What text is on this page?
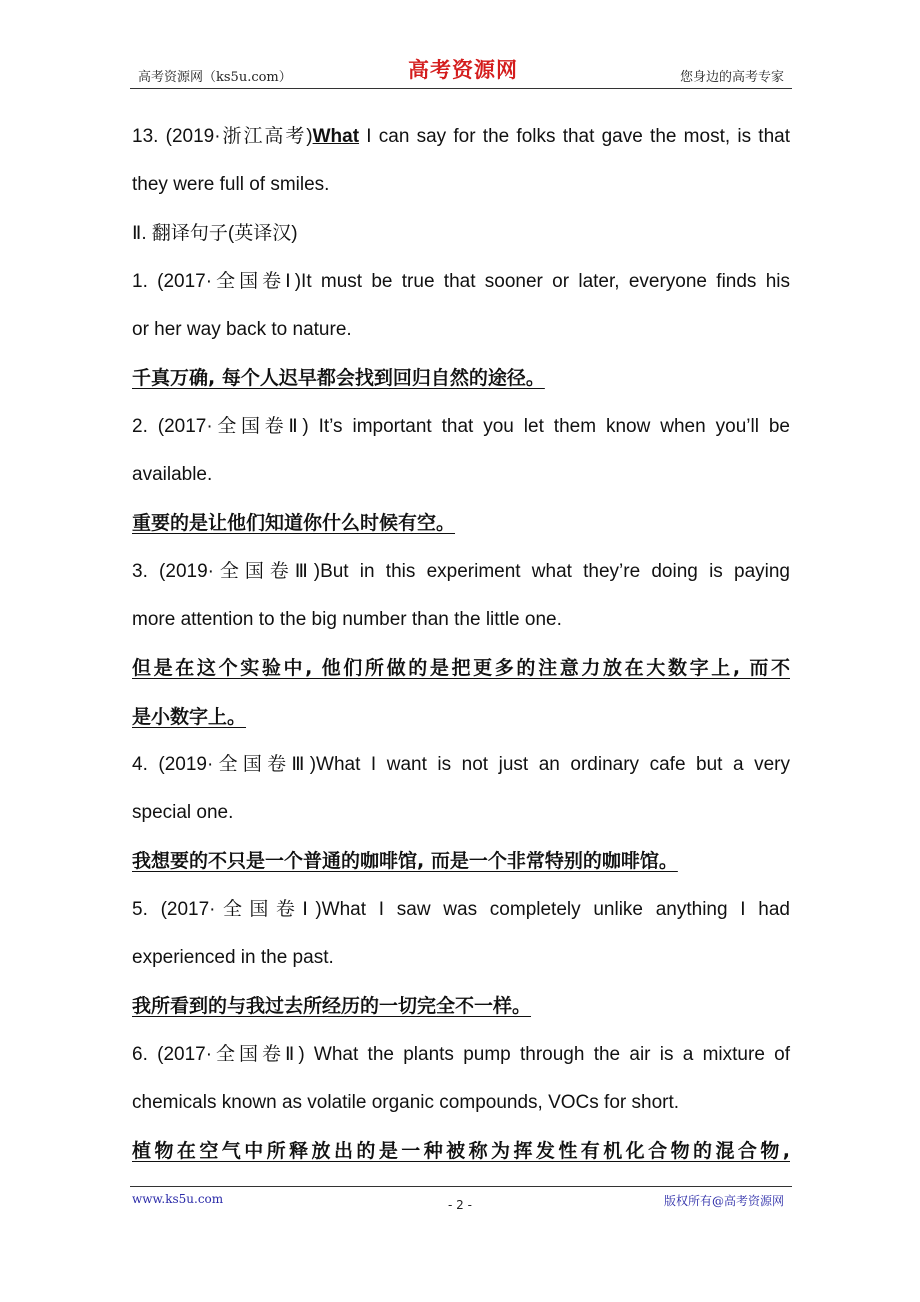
高考资源网（ks5u.com）	高考资源网	您身边的高考专家
13. (2019·浙江高考)What I can say for the folks that gave the most, is that
they were full of smiles.
Ⅱ. 翻译句子(英译汉)
1. (2017·全国卷Ⅰ)It must be true that sooner or later, everyone finds his
or her way back to nature.
千真万确, 每个人迟早都会找到回归自然的途径。
2. (2017·全国卷Ⅱ) It’s important that you let them know when you’ll be
available.
重要的是让他们知道你什么时候有空。
3. (2019·全国卷Ⅲ)But in this experiment what they’re doing is paying
more attention to the big number than the little one.
但是在这个实验中, 他们所做的是把更多的注意力放在大数字上, 而不
是小数字上。
4. (2019·全国卷Ⅲ)What I want is not just an ordinary cafe but a very
special one.
我想要的不只是一个普通的咖啡馆, 而是一个非常特别的咖啡馆。
5. (2017·全国卷Ⅰ)What I saw was completely unlike anything I had
experienced in the past.
我所看到的与我过去所经历的一切完全不一样。
6. (2017·全国卷Ⅱ) What the plants pump through the air is a mixture of
chemicals known as volatile organic compounds, VOCs for short.
植物在空气中所释放出的是一种被称为挥发性有机化合物的混合物,
www.ks5u.com	版权所有@高考资源网
- 2 -
